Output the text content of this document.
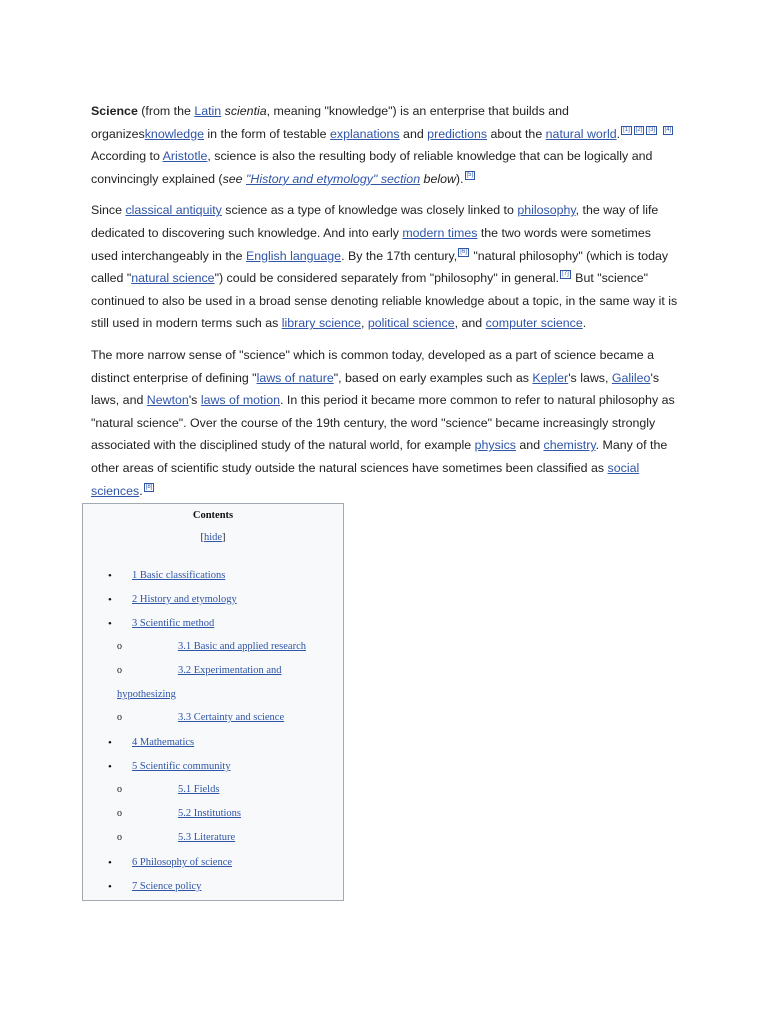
Science (from the Latin scientia, meaning "knowledge") is an enterprise that builds and organizesknowledge in the form of testable explanations and predictions about the natural world. [1] [2] [3] [4]According to Aristotle, science is also the resulting body of reliable knowledge that can be logically and convincingly explained (see "History and etymology" section below). [5]

Since classical antiquity science as a type of knowledge was closely linked to philosophy, the way of life dedicated to discovering such knowledge. And into early modern times the two words were sometimes used interchangeably in the English language. By the 17th century, [6] "natural philosophy" (which is today called "natural science") could be considered separately from "philosophy" in general. [7] But "science" continued to also be used in a broad sense denoting reliable knowledge about a topic, in the same way it is still used in modern terms such as library science, political science, and computer science.

The more narrow sense of "science" which is common today, developed as a part of science became a distinct enterprise of defining "laws of nature", based on early examples such as Kepler's laws, Galileo's laws, and Newton's laws of motion. In this period it became more common to refer to natural philosophy as "natural science". Over the course of the 19th century, the word "science" became increasingly strongly associated with the disciplined study of the natural world, for example physics and chemistry. Many of the other areas of scientific study outside the natural sciences have sometimes been classified as social sciences. [8]

Contents
[hide]
• 1 Basic classifications
• 2 History and etymology
• 3 Scientific method
o	3.1 Basic and applied research
o	3.2 Experimentation and
hypothesizing
o	3.3 Certainty and science
• 4 Mathematics
• 5 Scientific community
o	5.1 Fields
o	5.2 Institutions
o	5.3 Literature
• 6 Philosophy of science
• 7 Science policy
